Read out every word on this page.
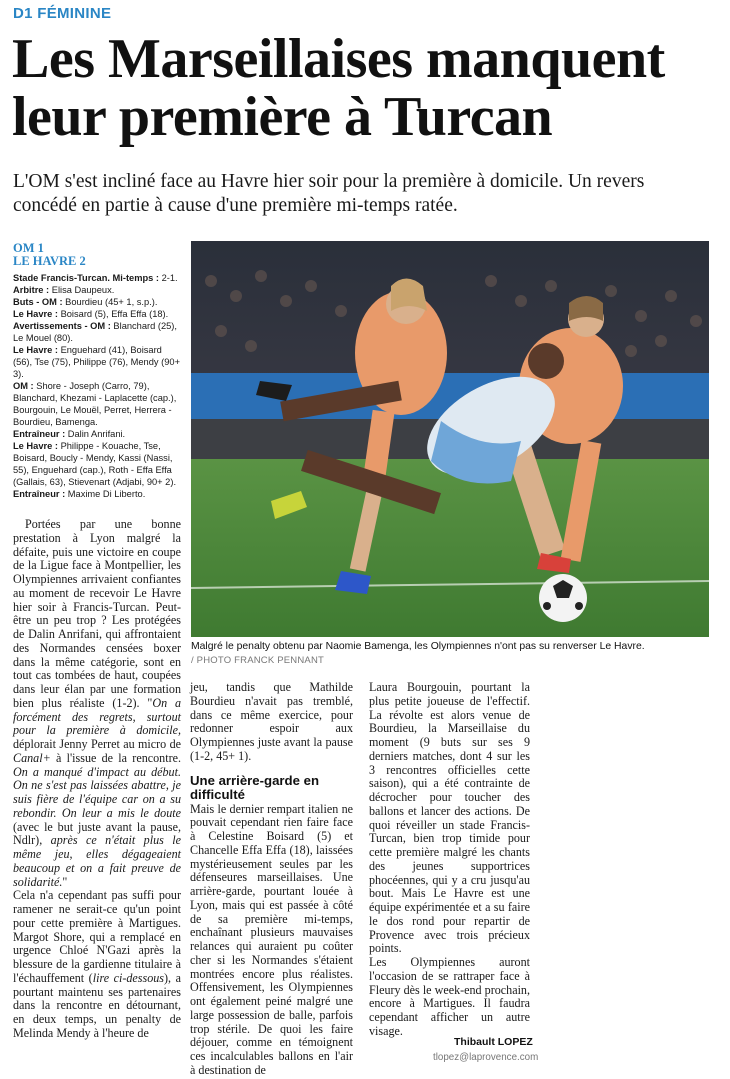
D1 FÉMININE
Les Marseillaises manquent leur première à Turcan

L'OM s'est incliné face au Havre hier soir pour la première à domicile. Un revers concédé en partie à cause d'une première mi-temps ratée.

OM 1
LE HAVRE 2
Stade Francis-Turcan. Mi-temps : 2-1.
Arbitre : Elisa Daupeux.
Buts - OM : Bourdieu (45+ 1, s.p.).
Le Havre : Boisard (5), Effa Effa (18).
Avertissements - OM : Blanchard (25), Le Mouel (80).
Le Havre : Enguehard (41), Boisard (56), Tse (75), Philippe (76), Mendy (90+ 3).
OM : Shore - Joseph (Carro, 79), Blanchard, Khezami - Laplacette (cap.), Bourgouin, Le Mouël, Perret, Herrera - Bourdieu, Bamenga.
Entraîneur : Dalin Anrifani.
Le Havre : Philippe - Kouache, Tse, Boisard, Boucly - Mendy, Kassi (Nassi, 55), Enguehard (cap.), Roth - Effa Effa (Gallais, 63), Stievenart (Adjabi, 90+ 2).
Entraîneur : Maxime Di Liberto.
Malgré le penalty obtenu par Naomie Bamenga, les Olympiennes n'ont pas su renverser Le Havre.
/ PHOTO FRANCK PENNANT

Portées par une bonne prestation à Lyon malgré la défaite, puis une victoire en coupe de la Ligue face à Montpellier, les Olympiennes arrivaient confiantes au moment de recevoir Le Havre hier soir à Francis-Turcan. Peut-être un peu trop ? Les protégées de Dalin Anrifani, qui affrontaient des Normandes censées boxer dans la même catégorie, sont en tout cas tombées de haut, coupées dans leur élan par une formation bien plus réaliste (1-2). "On a forcément des regrets, surtout pour la première à domicile, déplorait Jenny Perret au micro de Canal+ à l'issue de la rencontre. On a manqué d'impact au début. On ne s'est pas laissées abattre, je suis fière de l'équipe car on a su rebondir. On leur a mis le doute (avec le but juste avant la pause, Ndlr), après ce n'était plus le même jeu, elles dégageaient beaucoup et on a fait preuve de solidarité."

Cela n'a cependant pas suffi pour ramener ne serait-ce qu'un point pour cette première à Martigues. Margot Shore, qui a remplacé en urgence Chloé N'Gazi après la blessure de la gardienne titulaire à l'échauffement (lire ci-dessous), a pourtant maintenu ses partenaires dans la rencontre en détournant, en deux temps, un penalty de Melinda Mendy à l'heure de

jeu, tandis que Mathilde Bourdieu n'avait pas tremblé, dans ce même exercice, pour redonner espoir aux Olympiennes juste avant la pause (1-2, 45+ 1).

Une arrière-garde en difficulté

Mais le dernier rempart italien ne pouvait cependant rien faire face à Celestine Boisard (5) et Chancelle Effa Effa (18), laissées mystérieusement seules par les défenseures marseillaises. Une arrière-garde, pourtant louée à Lyon, mais qui est passée à côté de sa première mi-temps, enchaînant plusieurs mauvaises relances qui auraient pu coûter cher si les Normandes s'étaient montrées encore plus réalistes. Offensivement, les Olympiennes ont également peiné malgré une large possession de balle, parfois trop stérile. De quoi les faire déjouer, comme en témoignent ces incalculables ballons en l'air à destination de

Laura Bourgouin, pourtant la plus petite joueuse de l'effectif. La révolte est alors venue de Bourdieu, la Marseillaise du moment (9 buts sur ses 9 derniers matches, dont 4 sur les 3 rencontres officielles cette saison), qui a été contrainte de décrocher pour toucher des ballons et lancer des actions. De quoi réveiller un stade Francis-Turcan, bien trop timide pour cette première malgré les chants des jeunes supportrices phocéennes, qui y a cru jusqu'au bout. Mais Le Havre est une équipe expérimentée et a su faire le dos rond pour repartir de Provence avec trois précieux points.

Les Olympiennes auront l'occasion de se rattraper face à Fleury dès le week-end prochain, encore à Martigues. Il faudra cependant afficher un autre visage.

Thibault LOPEZ
tlopez@laprovence.com
